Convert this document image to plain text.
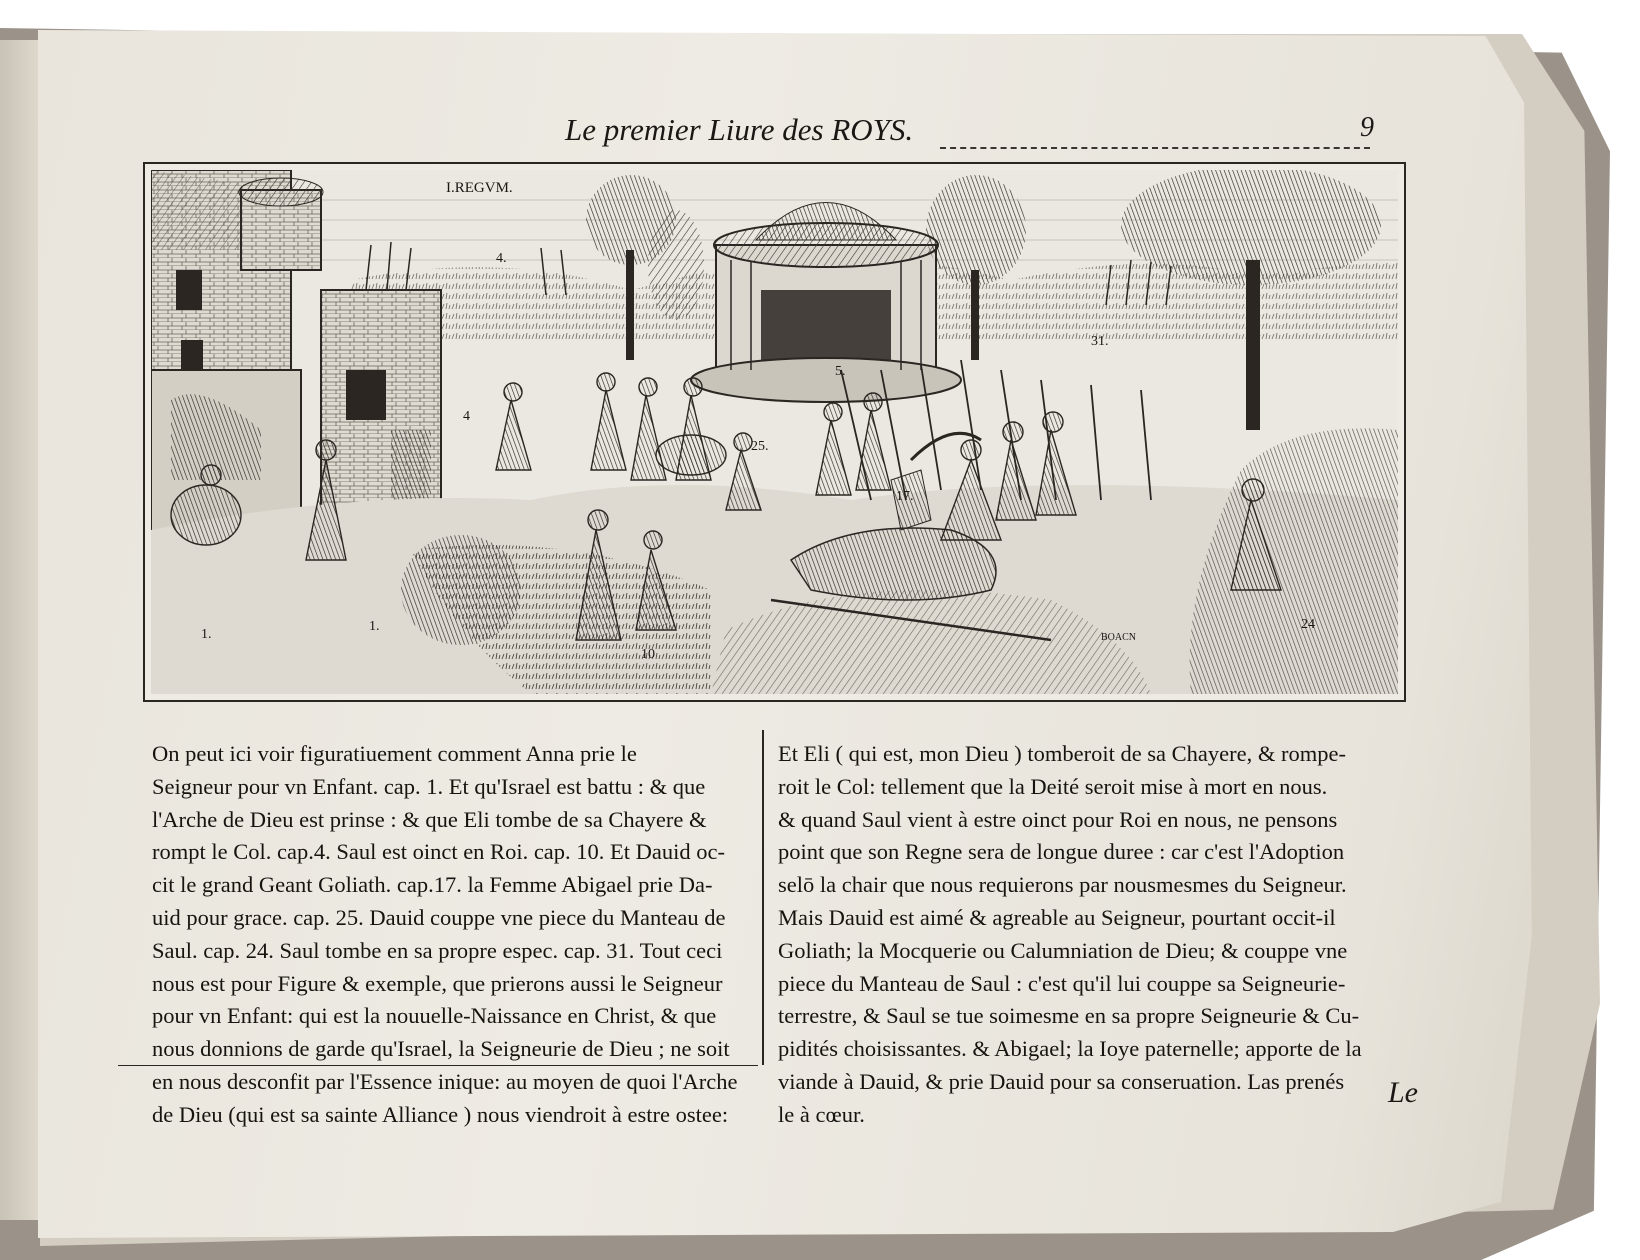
Le premier Liure des ROYS.	9
I.REGVM.
4.
4
1.
1.
10
25.
17.
31.
24
5.
BOACN
On peut ici voir figuratiuement comment Anna prie le
Seigneur pour vn Enfant. cap. 1. Et qu'Israel est battu : & que
l'Arche de Dieu est prinse : & que Eli tombe de sa Chayere &
rompt le Col. cap.4. Saul est oinct en Roi. cap. 10. Et Dauid oc-
cit le grand Geant Goliath. cap.17. la Femme Abigael prie Da-
uid pour grace. cap. 25. Dauid couppe vne piece du Manteau de
Saul. cap. 24. Saul tombe en sa propre espec. cap. 31. Tout ceci
nous est pour Figure & exemple, que prierons aussi le Seigneur
pour vn Enfant: qui est la nouuelle-Naissance en Christ, & que
nous donnions de garde qu'Israel, la Seigneurie de Dieu ; ne soit
en nous desconfit par l'Essence inique: au moyen de quoi l'Arche
de Dieu (qui est sa sainte Alliance ) nous viendroit à estre ostee:
Et Eli ( qui est, mon Dieu ) tomberoit de sa Chayere, & rompe-
roit le Col: tellement que la Deité seroit mise à mort en nous.
& quand Saul vient à estre oinct pour Roi en nous, ne pensons
point que son Regne sera de longue duree : car c'est l'Adoption
selō la chair que nous requierons par nousmesmes du Seigneur.
Mais Dauid est aimé & agreable au Seigneur, pourtant occit-il
Goliath; la Mocquerie ou Calumniation de Dieu; & couppe vne
piece du Manteau de Saul : c'est qu'il lui couppe sa Seigneurie-
terrestre, & Saul se tue soimesme en sa propre Seigneurie & Cu-
pidités choisissantes. & Abigael; la Ioye paternelle; apporte de la
viande à Dauid, & prie Dauid pour sa conseruation. Las prenés
le à cœur.
Le
